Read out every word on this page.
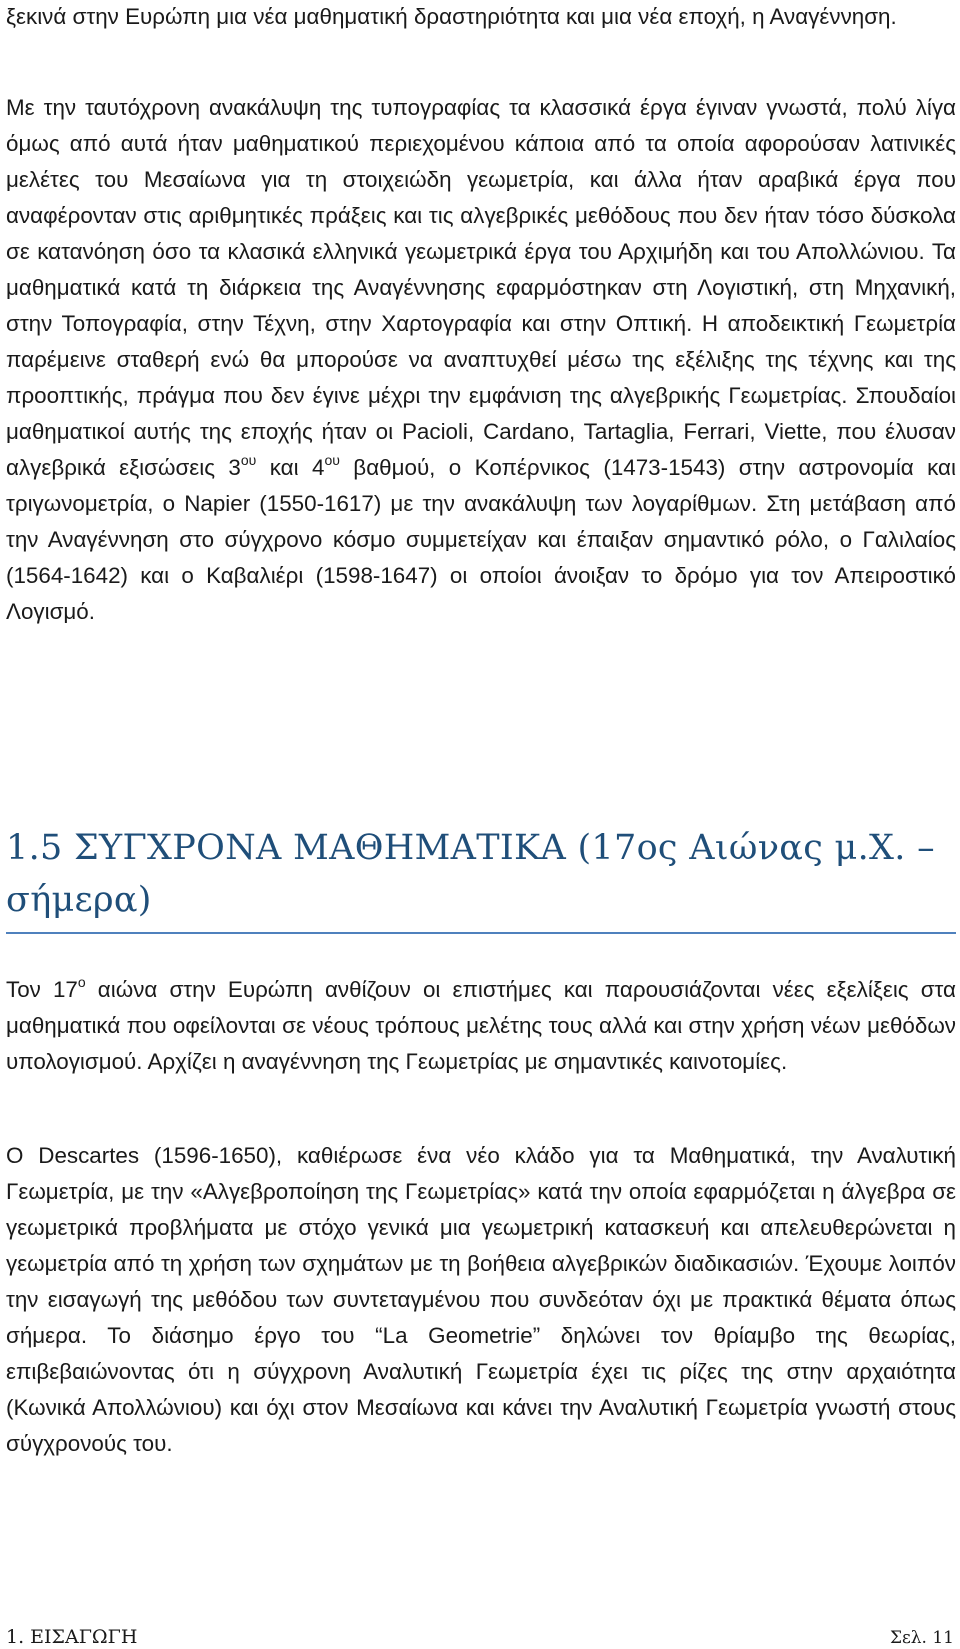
ξεκινά στην Ευρώπη μια νέα μαθηματική δραστηριότητα και μια νέα εποχή, η Αναγέννηση.

Με την ταυτόχρονη ανακάλυψη της τυπογραφίας τα κλασσικά έργα έγιναν γνωστά, πολύ λίγα όμως από αυτά ήταν μαθηματικού περιεχομένου κάποια από τα οποία αφορούσαν λατινικές μελέτες του Μεσαίωνα για τη στοιχειώδη γεωμετρία, και άλλα ήταν αραβικά έργα που αναφέρονταν στις αριθμητικές πράξεις και τις αλγεβρικές μεθόδους που δεν ήταν τόσο δύσκολα σε κατανόηση όσο τα κλασικά ελληνικά γεωμετρικά έργα του Αρχιμήδη και του Απολλώνιου. Τα μαθηματικά κατά τη διάρκεια της Αναγέννησης εφαρμόστηκαν στη Λογιστική, στη Μηχανική, στην Τοπογραφία, στην Τέχνη, στην Χαρτογραφία και στην Οπτική. Η αποδεικτική Γεωμετρία παρέμεινε σταθερή ενώ θα μπορούσε να αναπτυχθεί μέσω της εξέλιξης της τέχνης και της προοπτικής, πράγμα που δεν έγινε μέχρι την εμφάνιση της αλγεβρικής Γεωμετρίας. Σπουδαίοι μαθηματικοί αυτής της εποχής ήταν οι Pacioli, Cardano, Tartaglia, Ferrari, Viette, που έλυσαν αλγεβρικά εξισώσεις $3^{o\upsilon}$ και $4^{o\upsilon}$ βαθμού, ο Κοπέρνικος (1473-1543) στην αστρονομία και τριγωνομετρία, ο Napier (1550-1617) με την ανακάλυψη των λογαρίθμων. Στη μετάβαση από την Αναγέννηση στο σύγχρονο κόσμο συμμετείχαν και έπαιξαν σημαντικό ρόλο, ο Γαλιλαίος (1564-1642) και ο Καβαλιέρι (1598-1647) οι οποίοι άνοιξαν το δρόμο για τον Απειροστικό Λογισμό.

1.5 ΣΥΓΧΡΟΝΑ ΜΑΘΗΜΑΤΙΚΑ (17ος Αιώνας μ.Χ. –
σήμερα)

Τον $17^o$ αιώνα στην Ευρώπη ανθίζουν οι επιστήμες και παρουσιάζονται νέες εξελίξεις στα μαθηματικά που οφείλονται σε νέους τρόπους μελέτης τους αλλά και στην χρήση νέων μεθόδων υπολογισμού. Αρχίζει η αναγέννηση της Γεωμετρίας με σημαντικές καινοτομίες.

Ο Descartes (1596-1650), καθιέρωσε ένα νέο κλάδο για τα Μαθηματικά, την Αναλυτική Γεωμετρία, με την «Αλγεβροποίηση της Γεωμετρίας» κατά την οποία εφαρμόζεται η άλγεβρα σε γεωμετρικά προβλήματα με στόχο γενικά μια γεωμετρική κατασκευή και απελευθερώνεται η γεωμετρία από τη χρήση των σχημάτων με τη βοήθεια αλγεβρικών διαδικασιών. Έχουμε λοιπόν την εισαγωγή της μεθόδου των συντεταγμένου που συνδεόταν όχι με πρακτικά θέματα όπως σήμερα. Το διάσημο έργο του “La Geometrie” δηλώνει τον θρίαμβο της θεωρίας, επιβεβαιώνοντας ότι η σύγχρονη Αναλυτική Γεωμετρία έχει τις ρίζες της στην αρχαιότητα (Κωνικά Απολλώνιου) και όχι στον Μεσαίωνα και κάνει την Αναλυτική Γεωμετρία γνωστή στους σύγχρονούς του.

1. ΕΙΣΑΓΩΓΗ	Σελ. 11
